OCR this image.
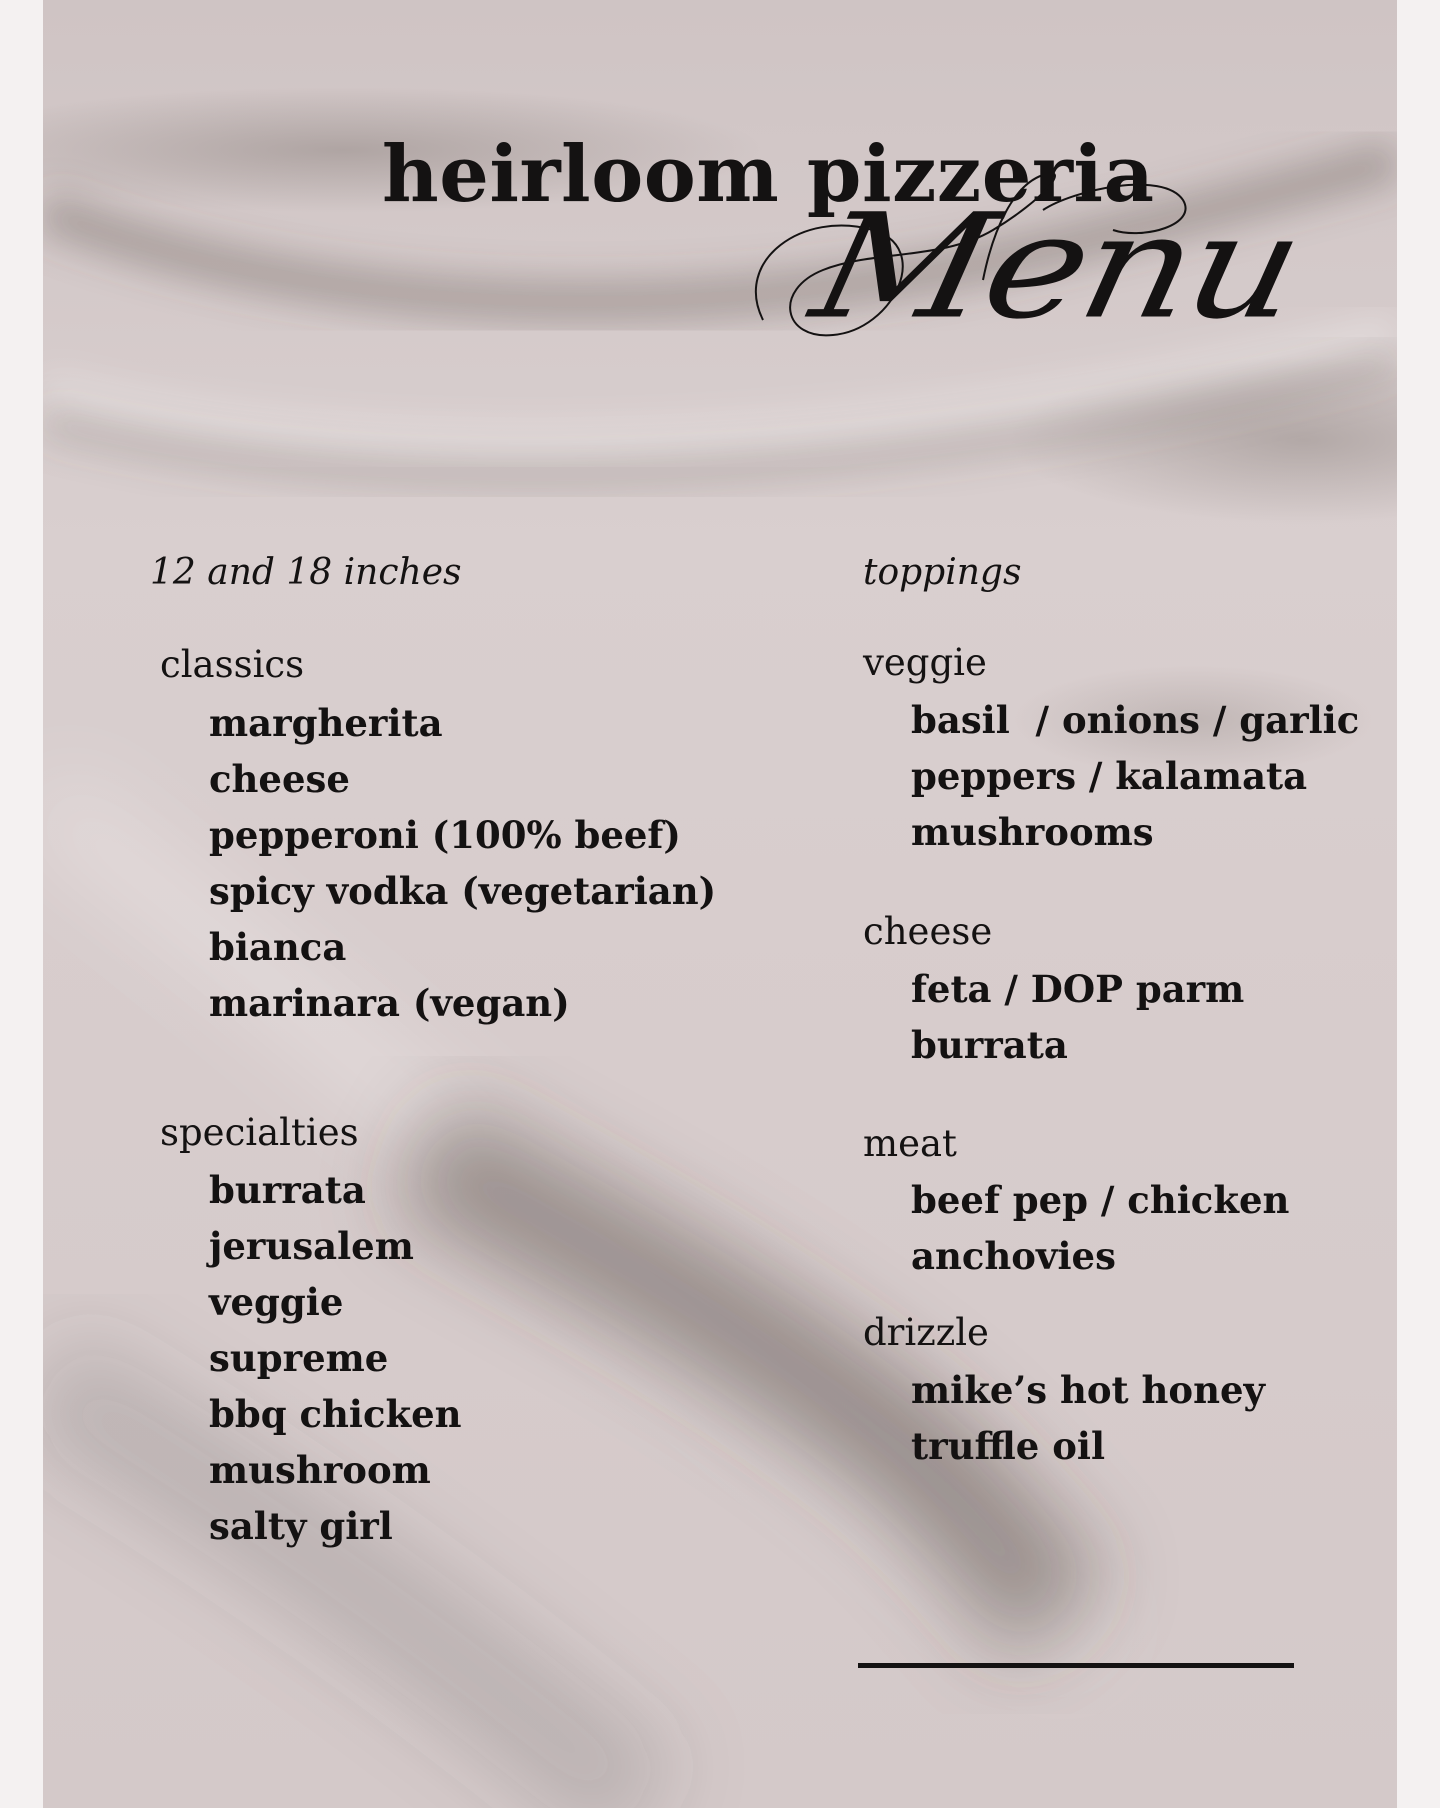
heirloom pizzeria
Menu
12 and 18 inches
classics
margherita
cheese
pepperoni (100% beef)
spicy vodka (vegetarian)
bianca
marinara (vegan)
specialties
burrata
jerusalem
veggie
supreme
bbq chicken
mushroom
salty girl
toppings
veggie
basil  / onions / garlic
peppers / kalamata
mushrooms
cheese
feta / DOP parm
burrata
meat
beef pep / chicken
anchovies
drizzle
mike’s hot honey
truffle oil
